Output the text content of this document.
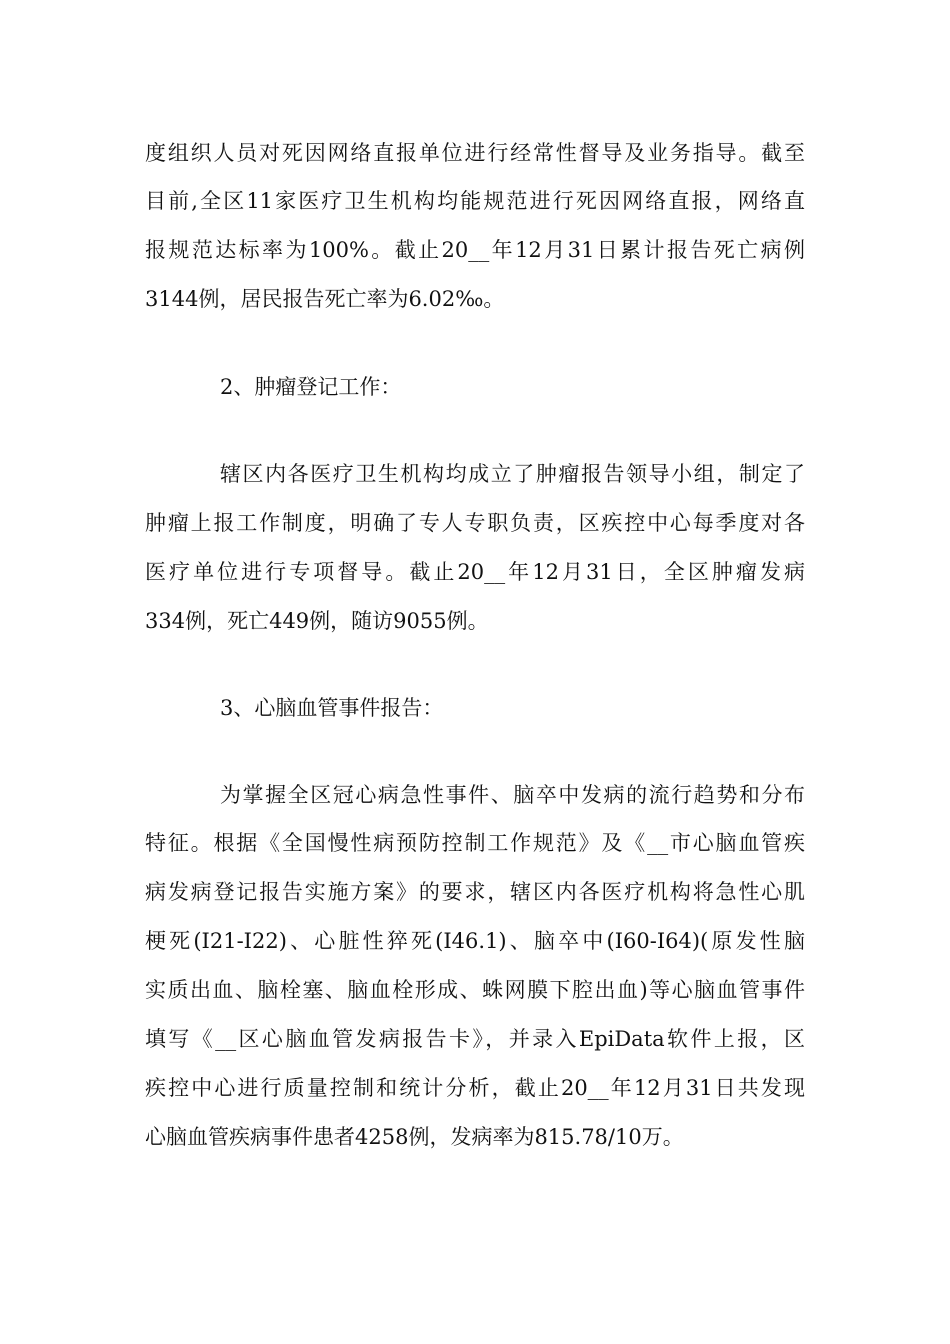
度组织人员对死因网络直报单位进行经常性督导及业务指导。截至

目前,全区11家医疗卫生机构均能规范进行死因网络直报，网络直

报规范达标率为100%。截止20__年12月31日累计报告死亡病例

3144例，居民报告死亡率为6.02‰。

2、肿瘤登记工作：

辖区内各医疗卫生机构均成立了肿瘤报告领导小组，制定了

肿瘤上报工作制度，明确了专人专职负责，区疾控中心每季度对各

医疗单位进行专项督导。截止20__年12月31日，全区肿瘤发病

334例，死亡449例，随访9055例。

3、心脑血管事件报告：

为掌握全区冠心病急性事件、脑卒中发病的流行趋势和分布

特征。根据《全国慢性病预防控制工作规范》及《__市心脑血管疾

病发病登记报告实施方案》的要求，辖区内各医疗机构将急性心肌

梗死(I21-I22)、心脏性猝死(I46.1)、脑卒中(I60-I64)(原发性脑

实质出血、脑栓塞、脑血栓形成、蛛网膜下腔出血)等心脑血管事件

填写《__区心脑血管发病报告卡》，并录入EpiData软件上报，区

疾控中心进行质量控制和统计分析，截止20__年12月31日共发现

心脑血管疾病事件患者4258例，发病率为815.78/10万。
